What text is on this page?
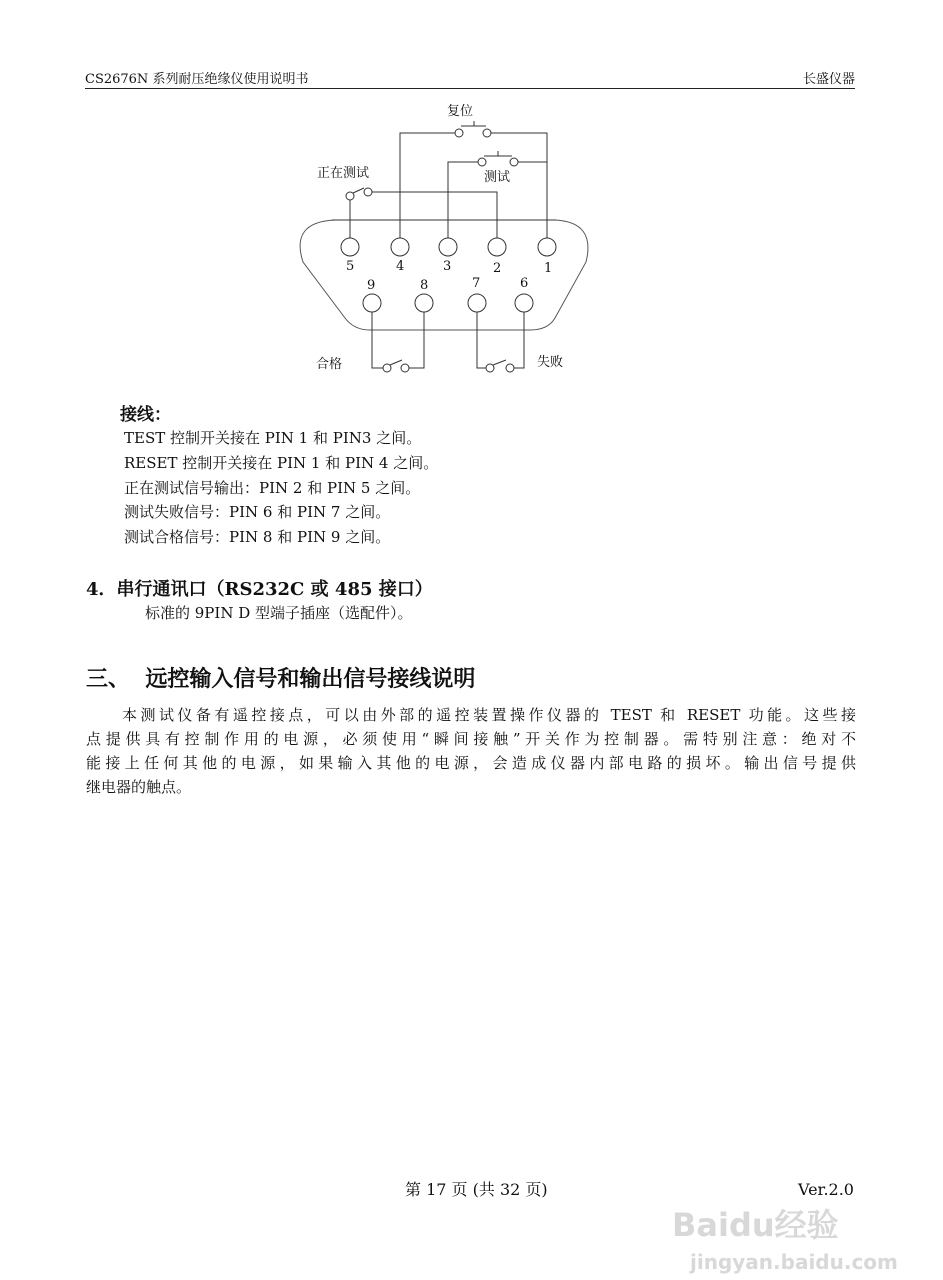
CS2676N 系列耐压绝缘仪使用说明书	长盛仪器
复位
测试
正在测试
合格	失败
5	4	3	2	1
9	8	7	6
接线：
TEST 控制开关接在 PIN 1 和 PIN3 之间。
RESET 控制开关接在 PIN 1 和 PIN 4 之间。
正在测试信号输出：PIN 2 和 PIN 5 之间。
测试失败信号：PIN 6 和 PIN 7 之间。
测试合格信号：PIN 8 和 PIN 9 之间。
4．串行通讯口（RS232C 或 485 接口）
标准的 9PIN D 型端子插座（选配件）。
三、  远控输入信号和输出信号接线说明
本测试仪备有遥控接点，可以由外部的遥控装置操作仪器的 TEST 和 RESET 功能。这些接
点提供具有控制作用的电源，必须使用“瞬间接触”开关作为控制器。需特别注意：绝对不
能接上任何其他的电源，如果输入其他的电源，会造成仪器内部电路的损坏。输出信号提供
继电器的触点。
第 17 页 (共 32 页)	Ver.2.0
Baidu经验
jingyan.baidu.com
